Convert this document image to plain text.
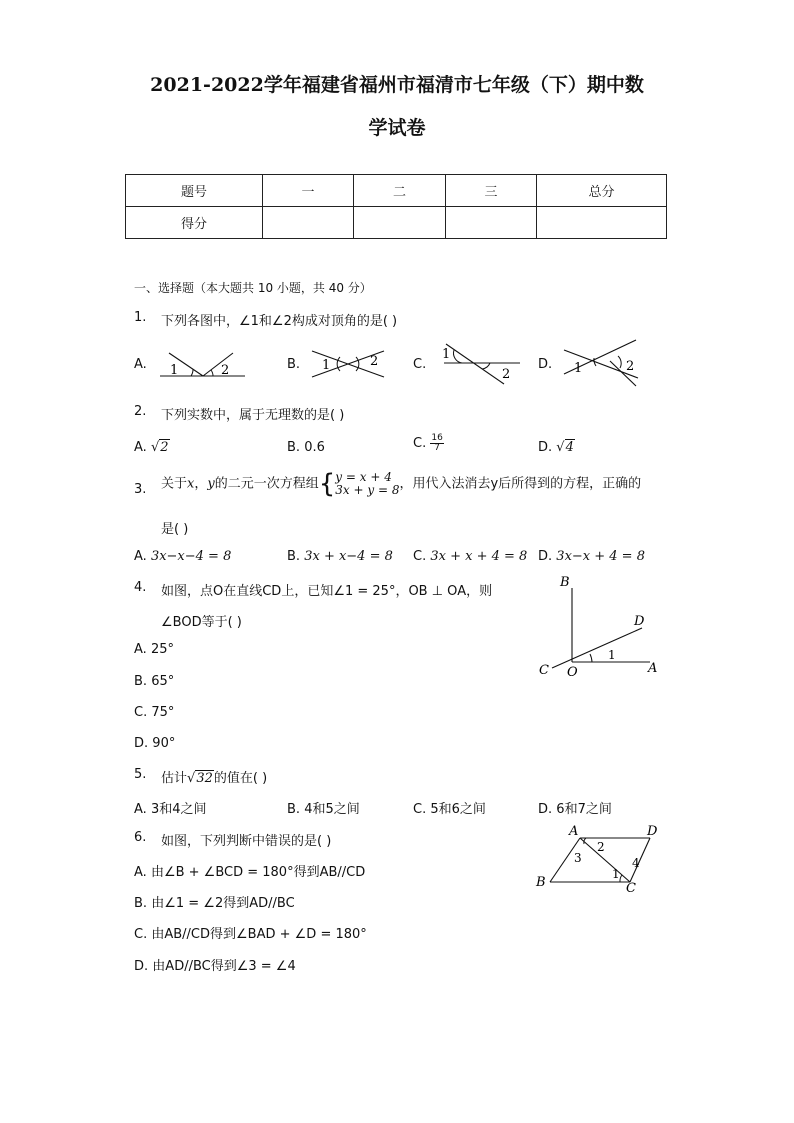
2021-2022学年福建省福州市福清市七年级（下）期中数
学试卷
题号	一	二	三	总分
得分				
一、选择题（本大题共 10 小题，共 40 分）
1. 下列各图中，∠1和∠2构成对顶角的是( )
A. 1	2	B. 1	2	C.
1
2
D. 1	2
2. 下列实数中，属于无理数的是( )
A. √2	B. 0.6	C. $\frac{16}{7}$	D. √4
3. 关于x，y的二元一次方程组{ y = x + 4
3x + y = 8 ，用代入法消去y后所得到的方程，正确的
是( )
A. 3x−x−4 = 8	B. 3x + x−4 = 8 C. 3x + x + 4 = 8 D. 3x−x + 4 = 8
4. 如图，点O在直线CD上，已知∠1 = 25°，OB ⊥ OA，则
∠BOD等于( )
A. 25°
B. 65°
C. 75°
D. 90°
B
D
C O	A
1
5. 估计√32的值在( )
A. 3和4之间	B. 4和5之间	C. 5和6之间	D. 6和7之间
6. 如图，下列判断中错误的是( )
A. 由∠B + ∠BCD = 180°得到AB//CD
B. 由∠1 = ∠2得到AD//BC
C. 由AB//CD得到∠BAD + ∠D = 180°
D. 由AD//BC得到∠3 = ∠4
A	D
B	C
1
2
3	4
